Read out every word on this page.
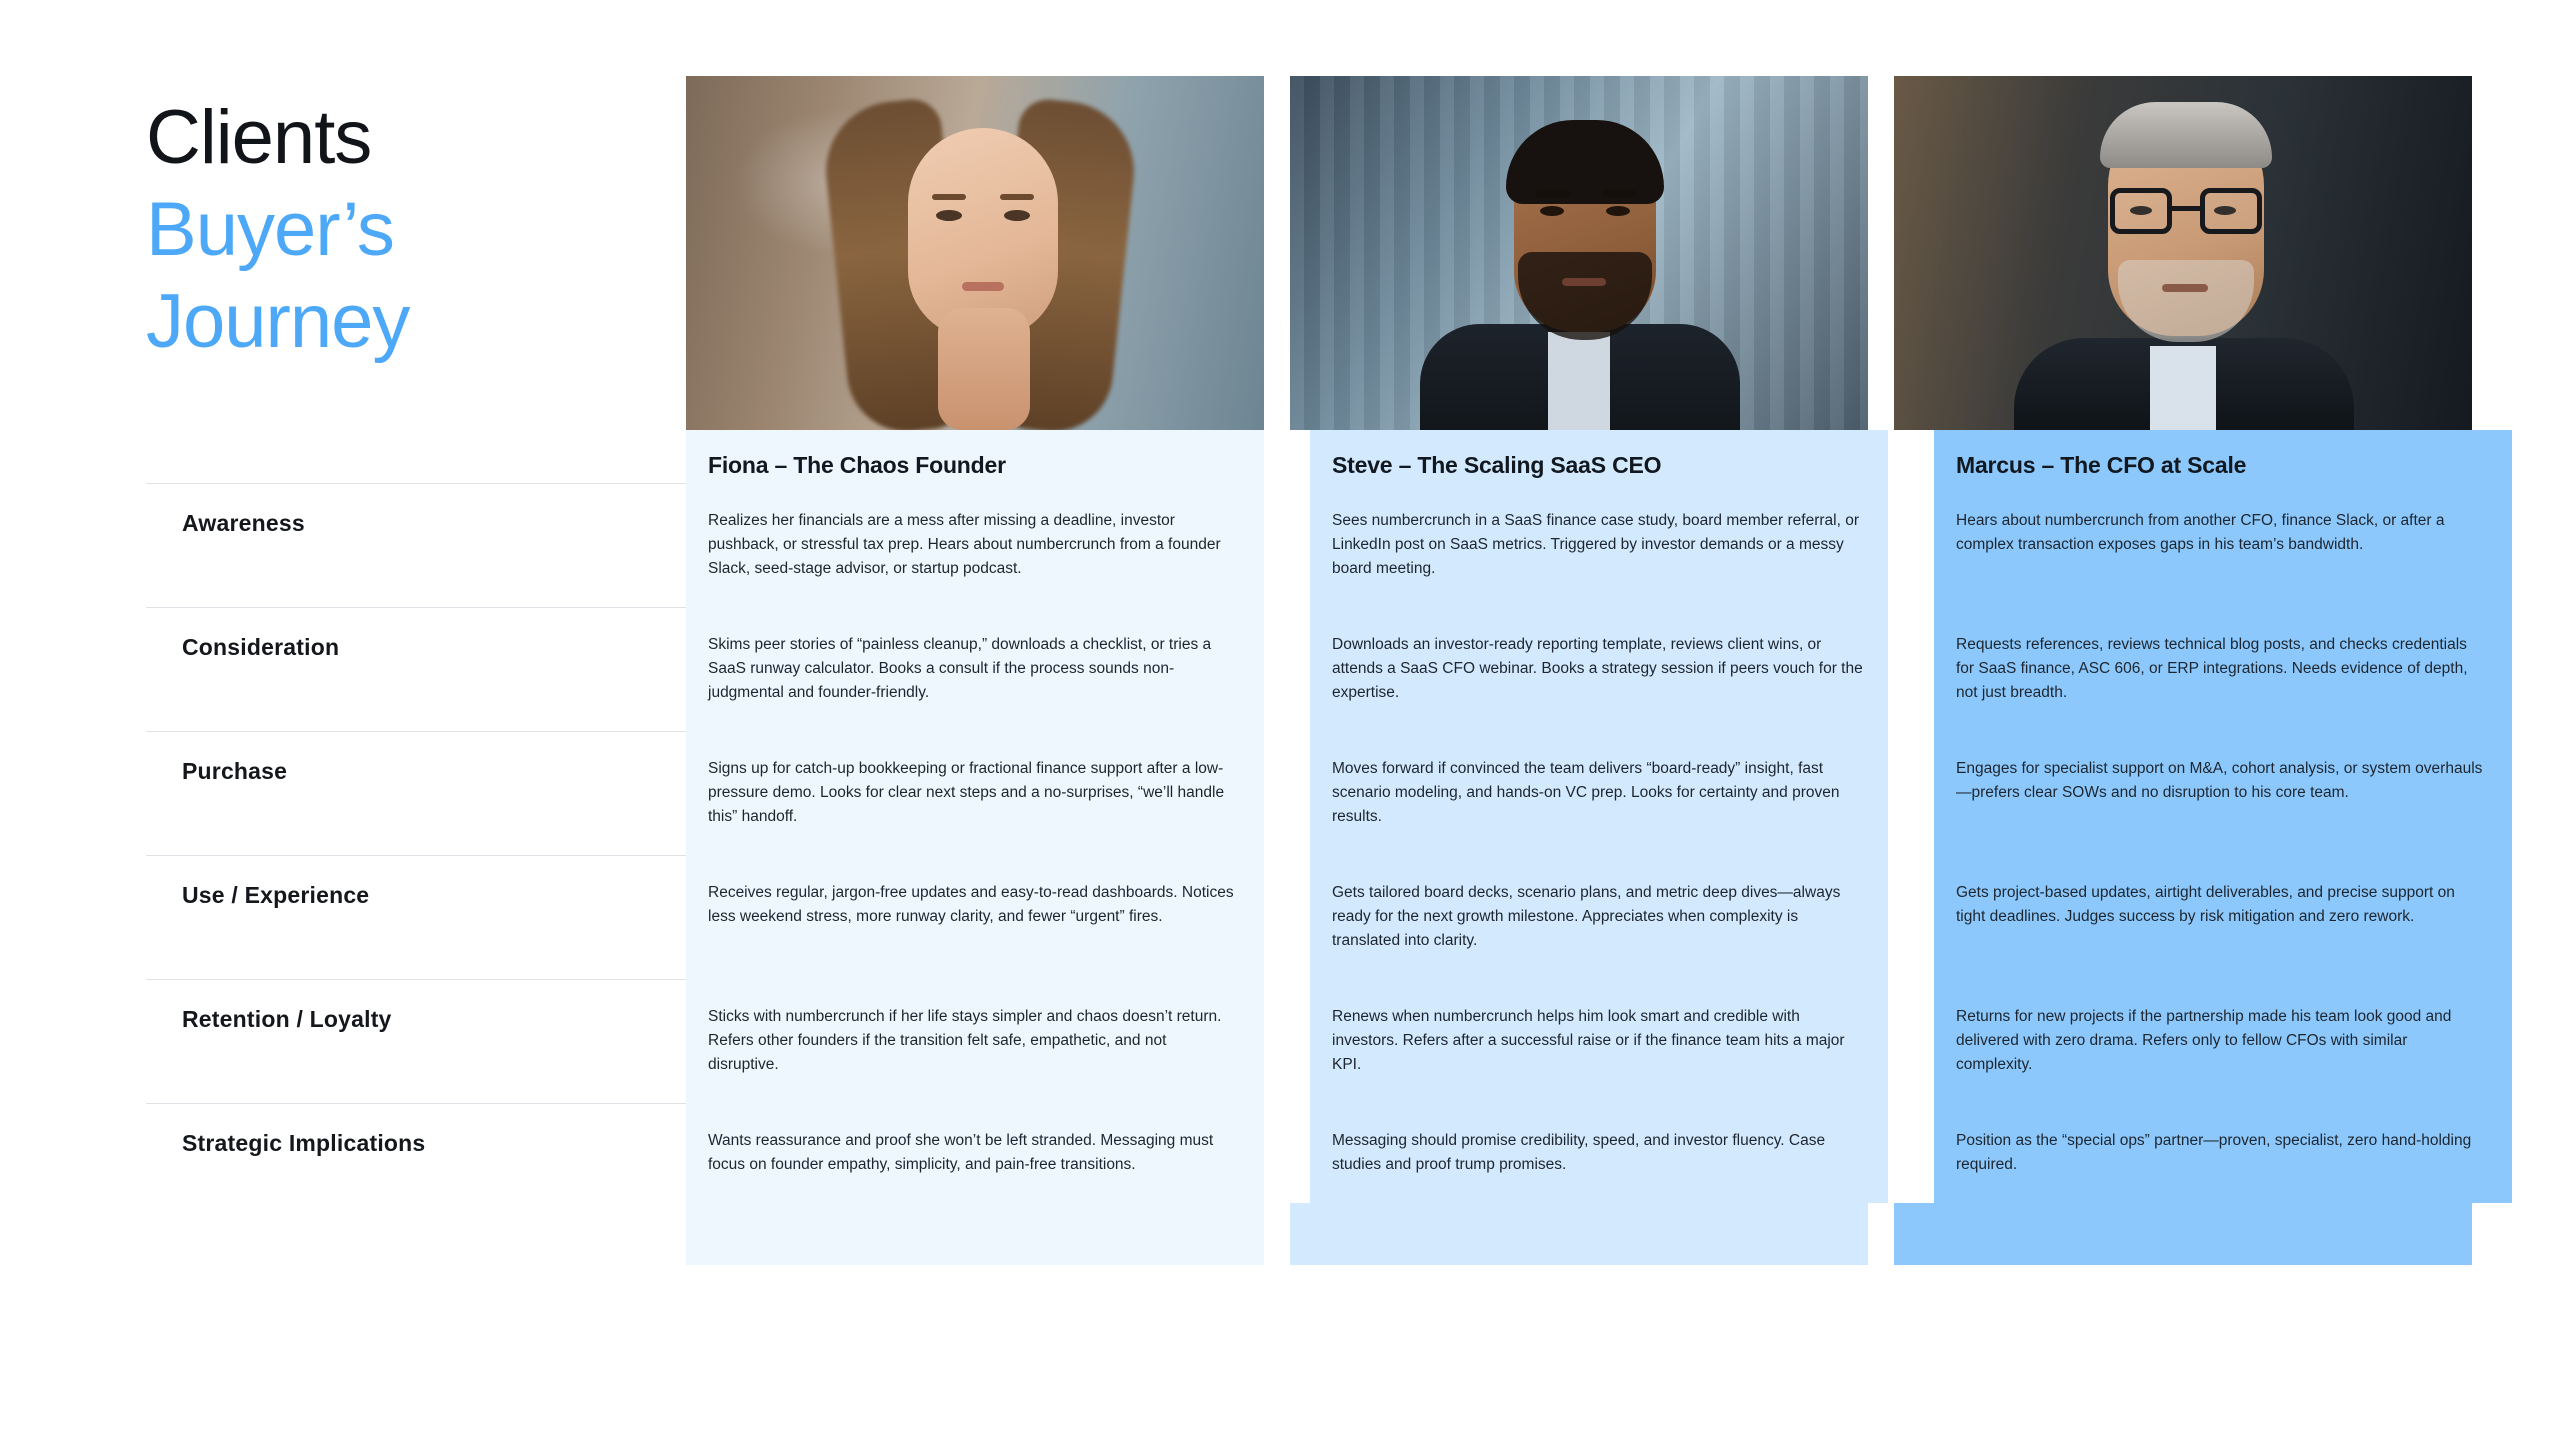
Clients
Buyer’s
Journey
Fiona – The Chaos Founder	Steve – The Scaling SaaS CEO	Marcus – The CFO at Scale
Awareness	Realizes her financials are a mess after missing a deadline, investor pushback, or stressful tax prep. Hears about numbercrunch from a founder Slack, seed-stage advisor, or startup podcast.
Sees numbercrunch in a SaaS finance case study, board member referral, or LinkedIn post on SaaS metrics. Triggered by investor demands or a messy board meeting.
Hears about numbercrunch from another CFO, finance Slack, or after a complex transaction exposes gaps in his team’s bandwidth.
Consideration	Skims peer stories of “painless cleanup,” downloads a checklist, or tries a SaaS runway calculator. Books a consult if the process sounds non-judgmental and founder-friendly.
Downloads an investor-ready reporting template, reviews client wins, or attends a SaaS CFO webinar. Books a strategy session if peers vouch for the expertise.
Requests references, reviews technical blog posts, and checks credentials for SaaS finance, ASC 606, or ERP integrations. Needs evidence of depth, not just breadth.
Purchase	Signs up for catch-up bookkeeping or fractional finance support after a low-pressure demo. Looks for clear next steps and a no-surprises, “we’ll handle this” handoff.
Moves forward if convinced the team delivers “board-ready” insight, fast scenario modeling, and hands-on VC prep. Looks for certainty and proven results.
Engages for specialist support on M&A, cohort analysis, or system overhauls—prefers clear SOWs and no disruption to his core team.
Use / Experience	Receives regular, jargon-free updates and easy-to-read dashboards. Notices less weekend stress, more runway clarity, and fewer “urgent” fires.
Gets tailored board decks, scenario plans, and metric deep dives—always ready for the next growth milestone. Appreciates when complexity is translated into clarity.
Gets project-based updates, airtight deliverables, and precise support on tight deadlines. Judges success by risk mitigation and zero rework.
Retention / Loyalty	Sticks with numbercrunch if her life stays simpler and chaos doesn’t return. Refers other founders if the transition felt safe, empathetic, and not disruptive.
Renews when numbercrunch helps him look smart and credible with investors. Refers after a successful raise or if the finance team hits a major KPI.
Returns for new projects if the partnership made his team look good and delivered with zero drama. Refers only to fellow CFOs with similar complexity.
Strategic Implications	Wants reassurance and proof she won’t be left stranded. Messaging must focus on founder empathy, simplicity, and pain-free transitions.
Messaging should promise credibility, speed, and investor fluency. Case studies and proof trump promises.
Position as the “special ops” partner—proven, specialist, zero hand-holding required.
